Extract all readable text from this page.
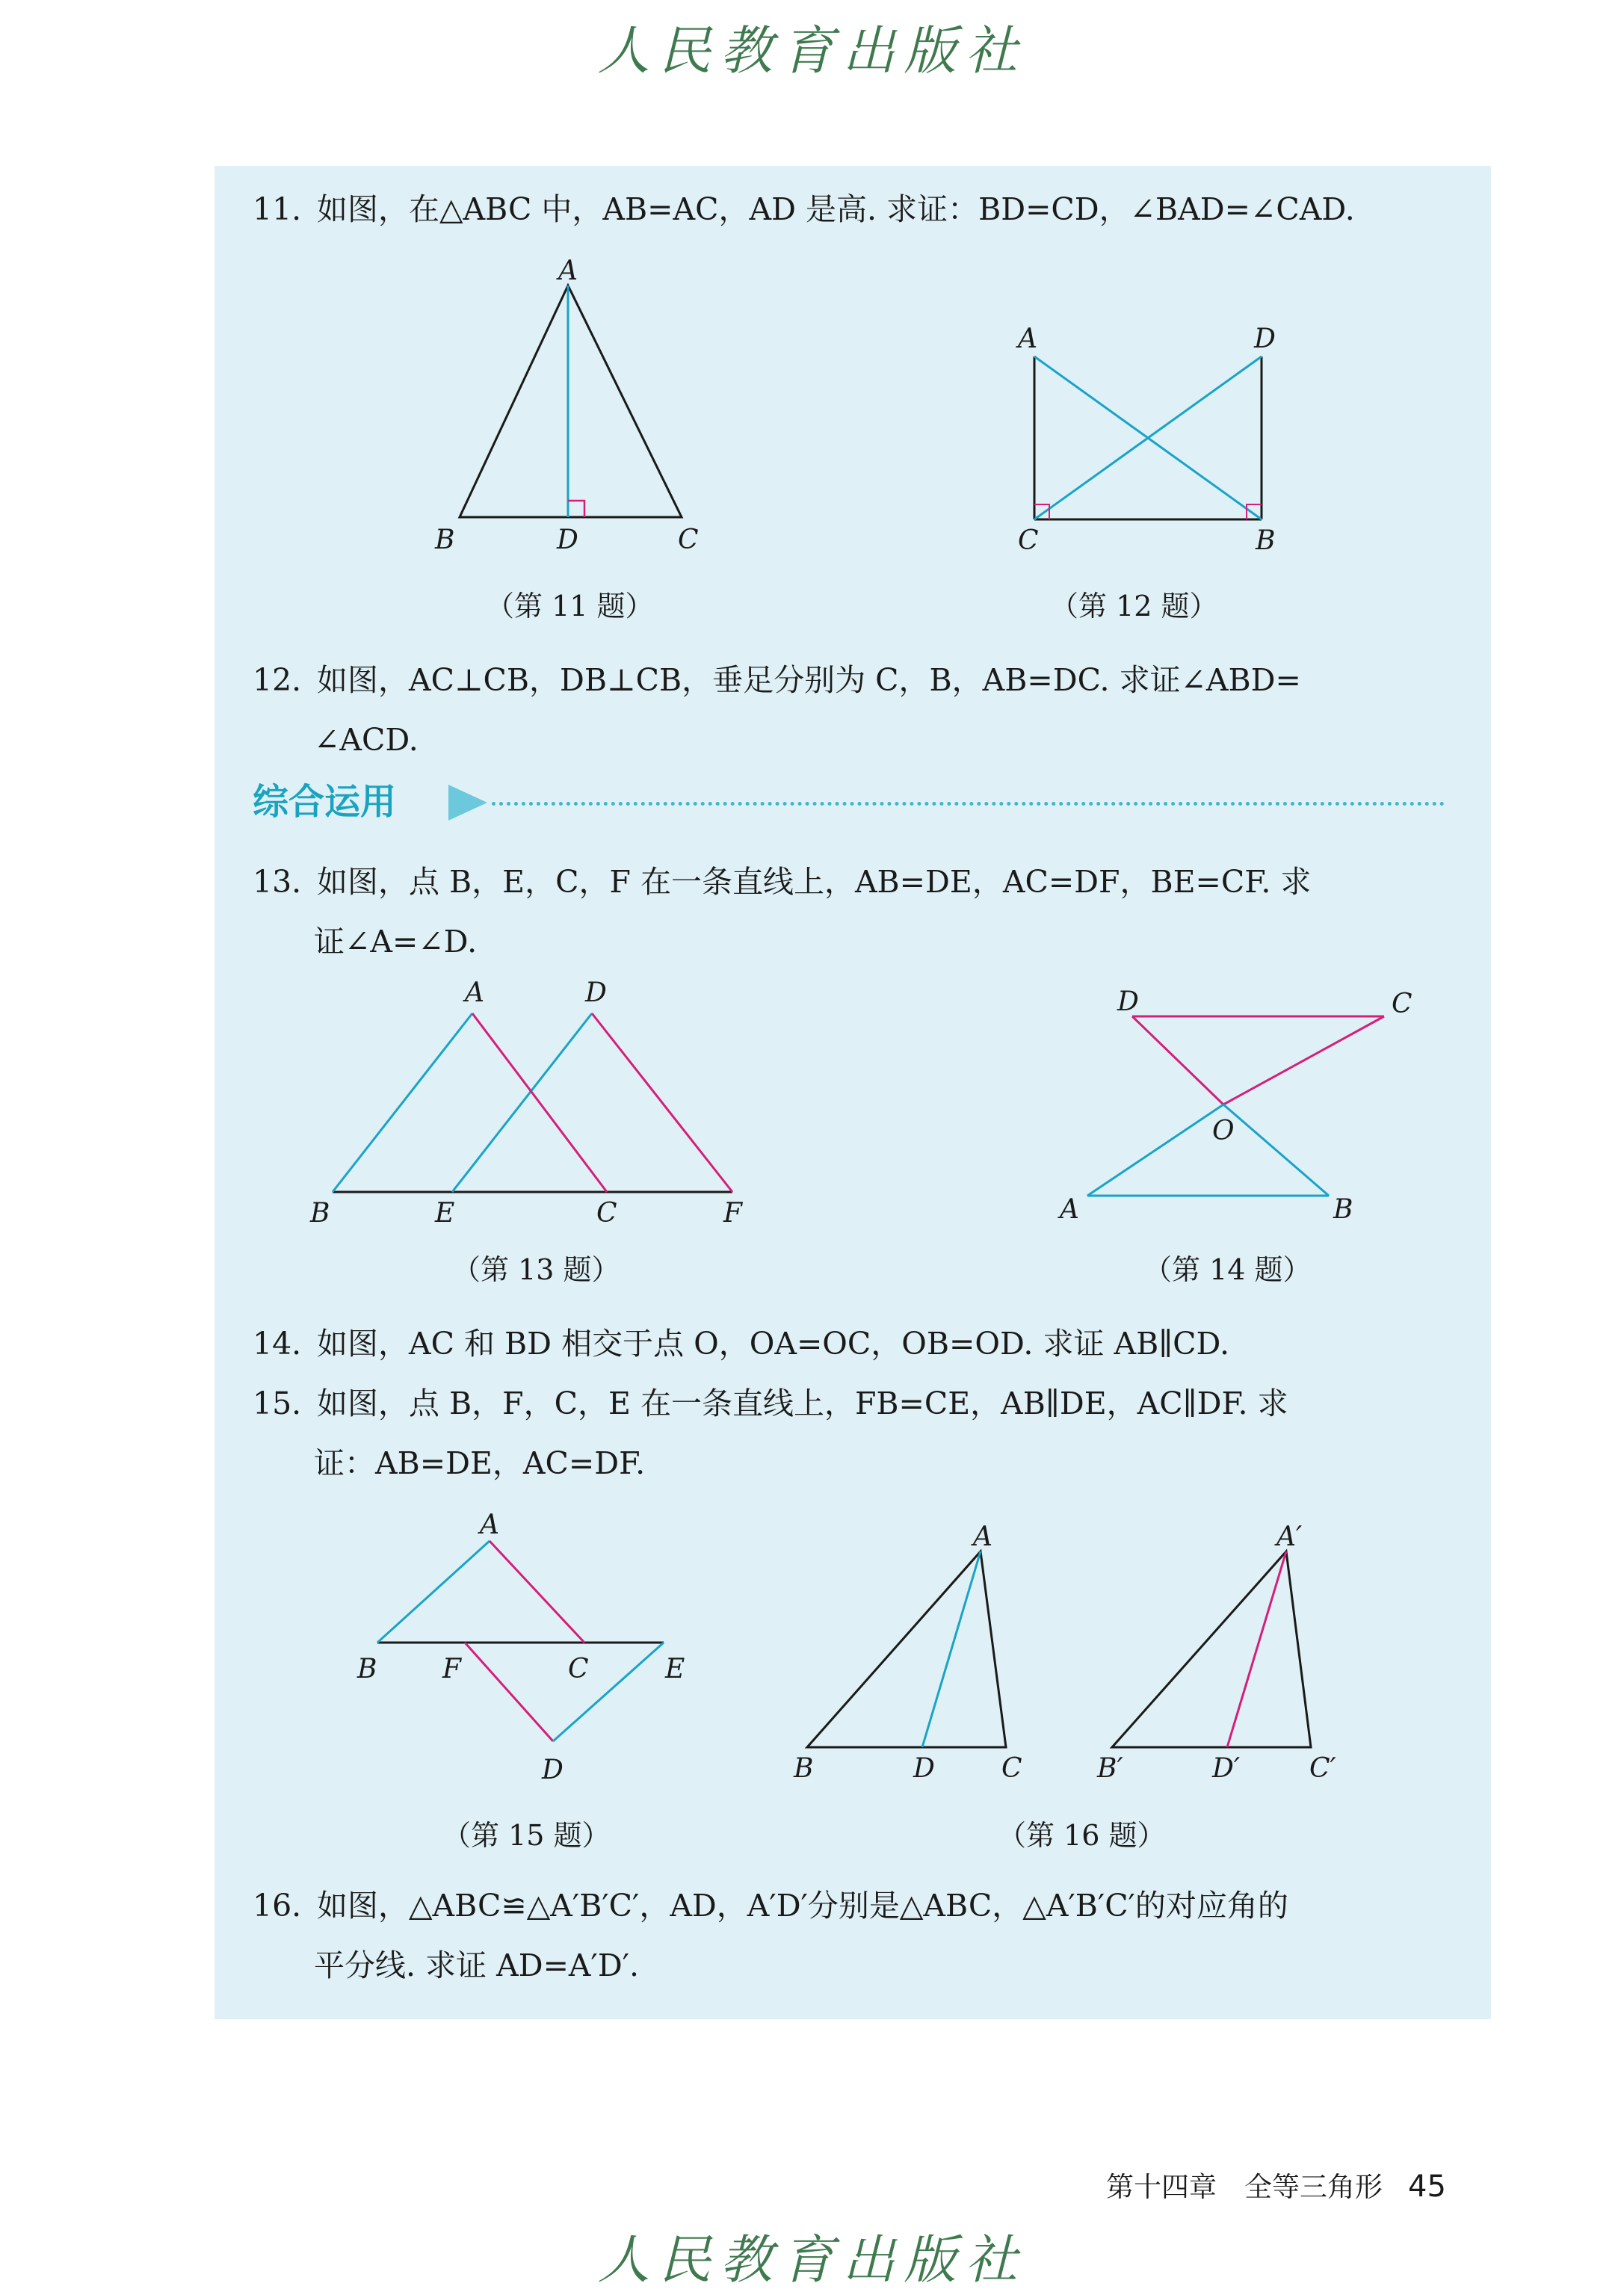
人民教育出版社
11. 如图，在△ABC 中，AB=AC，AD 是高. 求证：BD=CD，∠BAD=∠CAD.
A
B	D	C
（第 11 题）
A	D
C	B
（第 12 题）
12. 如图，AC⊥CB，DB⊥CB，垂足分别为 C，B，AB=DC. 求证∠ABD=
∠ACD.
综合运用
13. 如图，点 B，E，C，F 在一条直线上，AB=DE，AC=DF，BE=CF. 求
证∠A=∠D.
A	D
B	E	C	F
（第 13 题）
D	C
O
A	B
（第 14 题）
14. 如图，AC 和 BD 相交于点 O，OA=OC，OB=OD. 求证 AB∥CD.
15. 如图，点 B，F，C，E 在一条直线上，FB=CE，AB∥DE，AC∥DF. 求
证：AB=DE，AC=DF.
A
B F	C	E
D
（第 15 题）
A
B	D C
A′
B′	D′	C′
（第 16 题）
16. 如图，△ABC≌△A′B′C′，AD，A′D′分别是△ABC，△A′B′C′的对应角的
平分线. 求证 AD=A′D′.
第十四章　全等三角形 45
人民教育出版社
